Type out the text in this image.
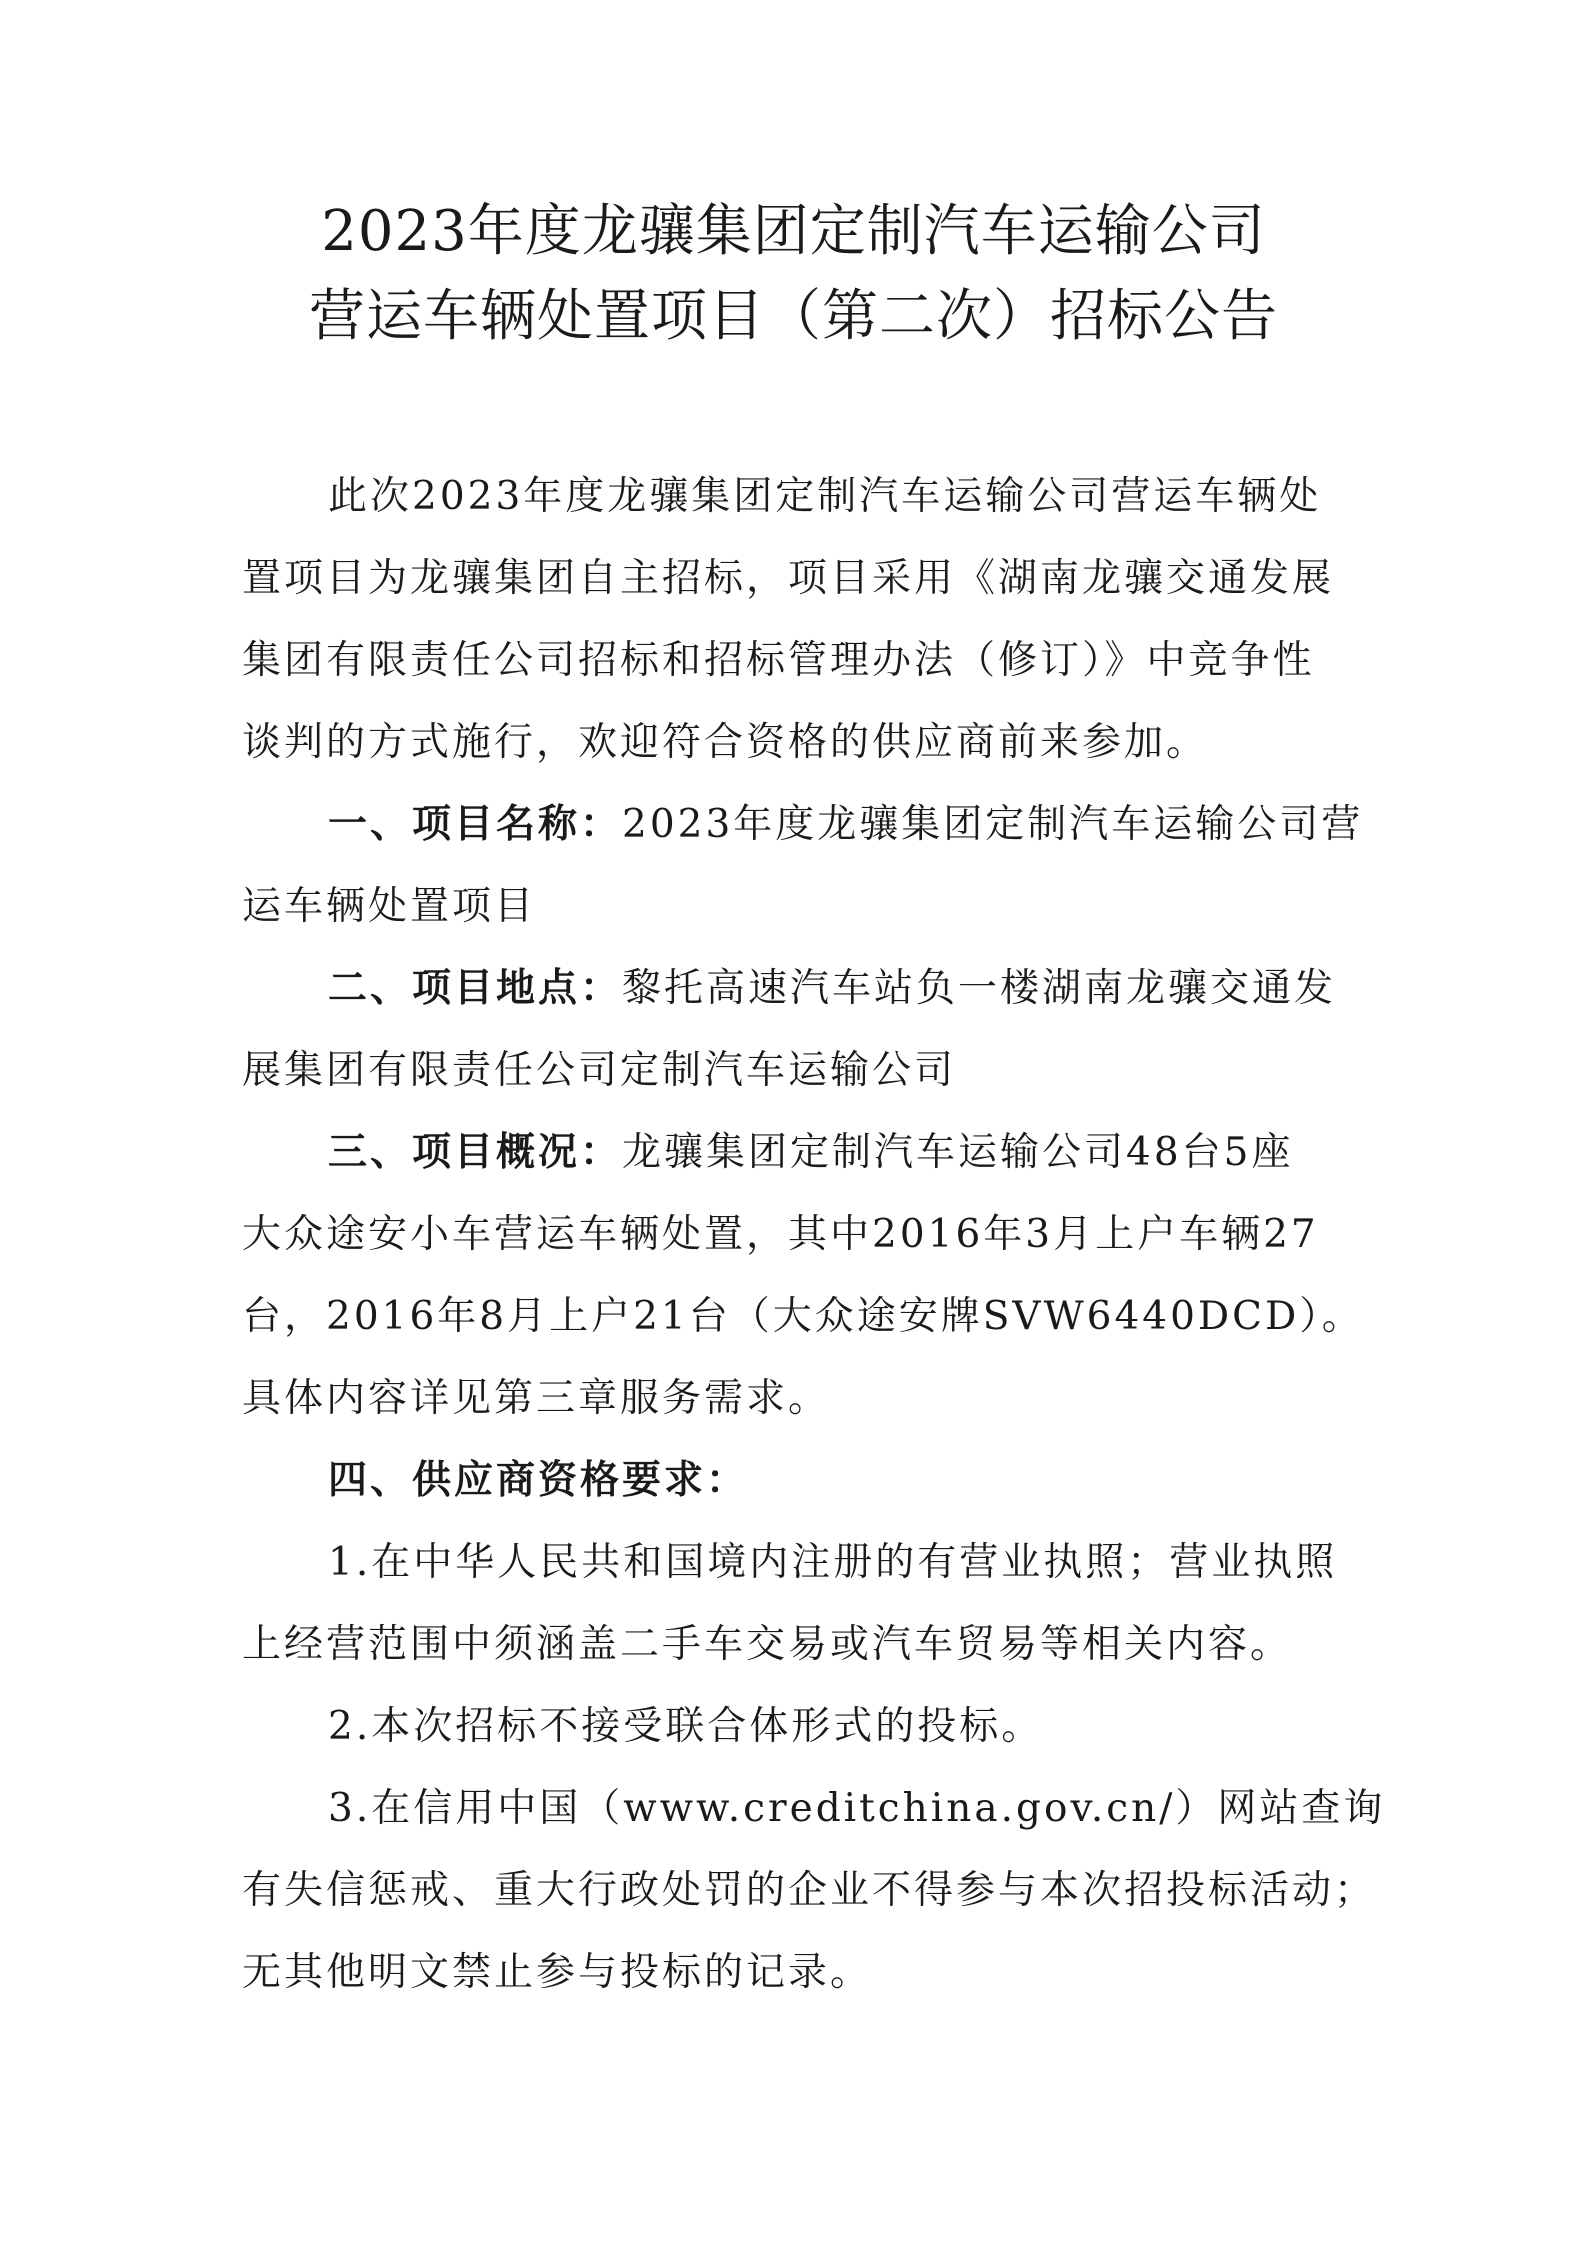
2023年度龙骧集团定制汽车运输公司
营运车辆处置项目（第二次）招标公告
此次2023年度龙骧集团定制汽车运输公司营运车辆处
置项目为龙骧集团自主招标，项目采用《湖南龙骧交通发展
集团有限责任公司招标和招标管理办法（修订）》中竞争性
谈判的方式施行，欢迎符合资格的供应商前来参加。
一、项目名称：2023年度龙骧集团定制汽车运输公司营
运车辆处置项目
二、项目地点：黎托高速汽车站负一楼湖南龙骧交通发
展集团有限责任公司定制汽车运输公司
三、项目概况：龙骧集团定制汽车运输公司48台5座
大众途安小车营运车辆处置，其中2016年3月上户车辆27
台，2016年8月上户21台（大众途安牌SVW6440DCD）。
具体内容详见第三章服务需求。
四、供应商资格要求：
1.在中华人民共和国境内注册的有营业执照；营业执照
上经营范围中须涵盖二手车交易或汽车贸易等相关内容。
2.本次招标不接受联合体形式的投标。
3.在信用中国（www.creditchina.gov.cn/）网站查询
有失信惩戒、重大行政处罚的企业不得参与本次招投标活动；
无其他明文禁止参与投标的记录。
